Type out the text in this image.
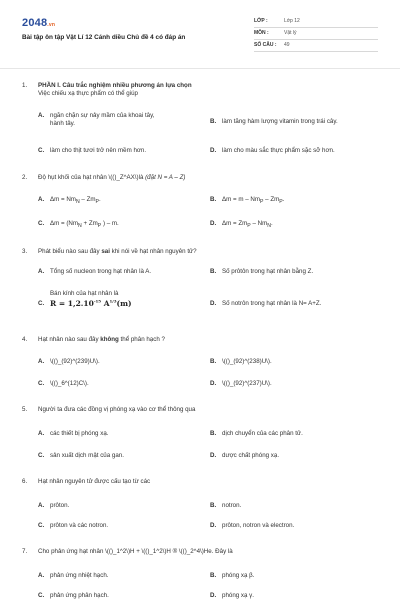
2048.vn
Bài tập ôn tập Vật Lí 12 Cánh diều Chủ đề 4 có đáp án
LỚP :	Lớp 12
MÔN :	Vật lý
SỐ CÂU :	49
1.	PHẦN I. Câu trắc nghiệm nhiều phương án lựa chọn
Việc chiếu xạ thực phẩm có thể giúp
A. ngăn chặn sự nảy mầm của khoai tây, hành tây.	B. làm tăng hàm lượng vitamin trong trái cây.
C. làm cho thịt tươi trở nên mềm hơn.	D. làm cho màu sắc thực phẩm sặc sỡ hơn.
2.	Độ hụt khối của hạt nhân \(()_Z^AX\)là (đặt N = A – Z)
A. $\Delta m = Nm_N - Zm_P$.	B. $\Delta m = m - Nm_P - Zm_P$.
C. $\Delta m = (Nm_N + Zm_P$ ) – m.	D. $\Delta m = Zm_P - Nm_N$.
3.	Phát biểu nào sau đây sai khi nói về hạt nhân nguyên tử?
A. Tổng số nucleon trong hạt nhân là A.	B. Số prôtôn trong hạt nhân bằng Z.
C.
Bán kính của hạt nhân là
$R = 1,2.10^{-15}$ $A^{1/3}(m)$	D. Số notrôn trong hạt nhân là N= A+Z.
4.	Hạt nhân nào sau đây không thể phân hạch ?
A. \(()_(92)^(239)U\).	B. \(()_(92)^(238)U\).
C. \(()_6^(12)C\).	D. \(()_(92)^(237)U\).
5.	Người ta đưa các đồng vị phóng xạ vào cơ thể thông qua
A. các thiết bị phóng xạ.	B. dịch chuyển của các phân tử.
C. sản xuất dịch mật của gan.	D. dược chất phóng xạ.
6.	Hạt nhân nguyên tử được cấu tạo từ các
A. prôton.	B. notron.
C. prôton và các notron.	D. prôton, notron và electron.
7.	Cho phản ứng hạt nhân \(()_1^2\)H + \(()_1^2\)H ® \(()_2^4\)He. Đây là
A. phản ứng nhiệt hạch.	B. phóng xạ β.
C. phản ứng phân hạch.	D. phóng xạ γ.
